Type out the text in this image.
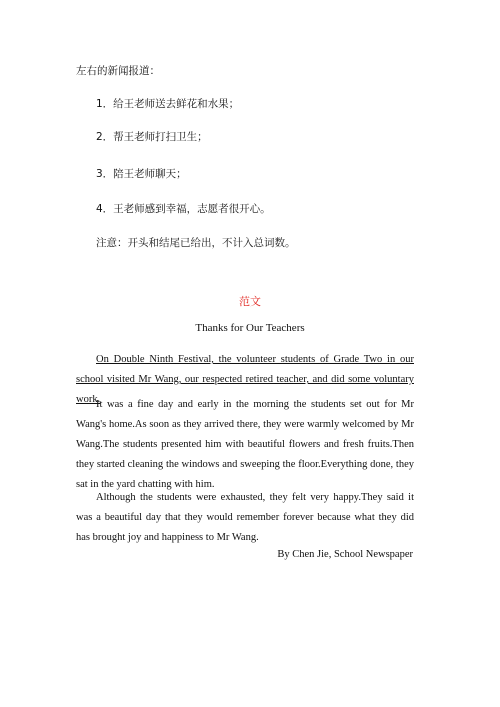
左右的新闻报道：
1．给王老师送去鲜花和水果；
2．帮王老师打扫卫生；
3．陪王老师聊天；
4．王老师感到幸福，志愿者很开心。
注意：开头和结尾已给出，不计入总词数。
范文
Thanks for Our Teachers

On Double Ninth Festival, the volunteer students of Grade Two in our school visited Mr Wang, our respected retired teacher, and did some voluntary work.

It was a fine day and early in the morning the students set out for Mr Wang's home.As soon as they arrived there, they were warmly welcomed by Mr Wang.The students presented him with beautiful flowers and fresh fruits.Then they started cleaning the windows and sweeping the floor.Everything done, they sat in the yard chatting with him.

Although the students were exhausted, they felt very happy.They said it was a beautiful day that they would remember forever because what they did has brought joy and happiness to Mr Wang.

By Chen Jie, School Newspaper
